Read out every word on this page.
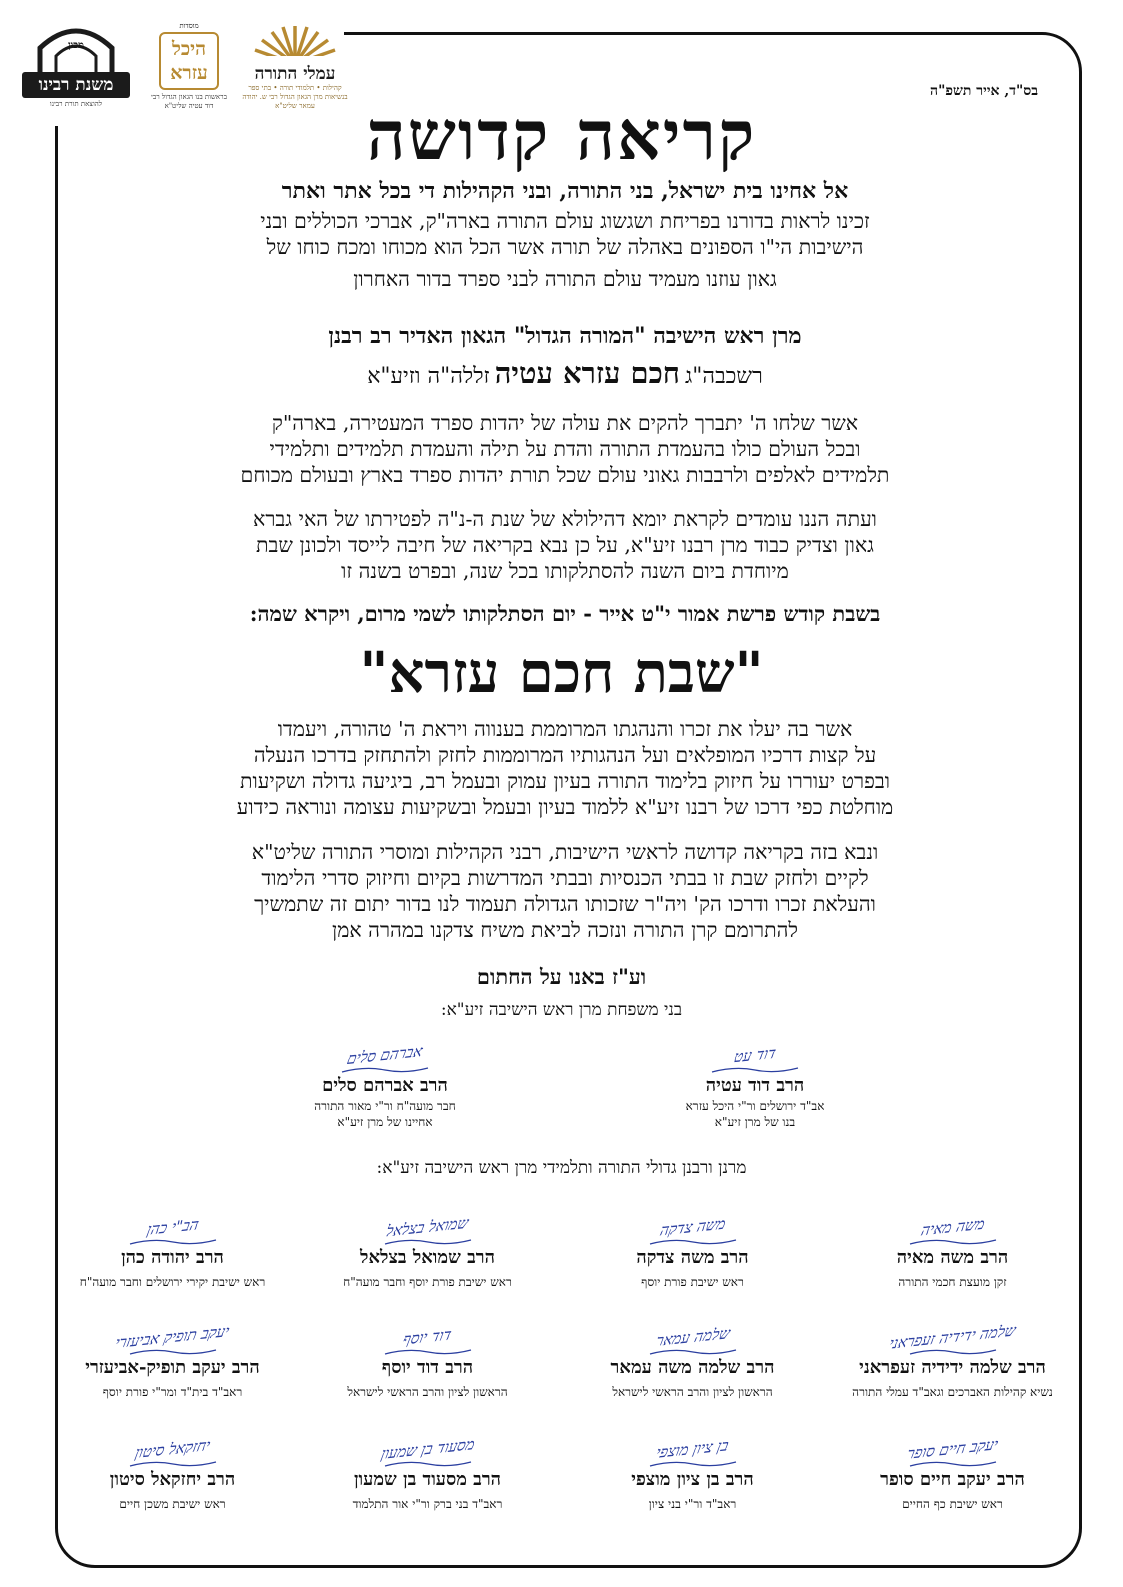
מכון
משנת רבינו
להוצאת תורת רבינו
מוסדות
היכל עזרא
בראשות בנו הגאון הגדול רבי דוד עטיה שליט"א
עמלי התורה
קהילות • תלמודי תורה • בתי ספר
בנשיאות מרן הגאון הגדול רבי ש. יהודה עמאר שליט"א
בס"ד, אייר תשפ"ה
קריאה קדושה
אל אחינו בית ישראל, בני התורה, ובני הקהילות די בכל אתר ואתר
זכינו לראות בדורנו בפריחת ושגשוג עולם התורה בארה"ק, אברכי הכוללים ובני
הישיבות הי"ו הספונים באהלה של תורה אשר הכל הוא מכוחו ומכח כוחו של
גאון עוזנו מעמיד עולם התורה לבני ספרד בדור האחרון
מרן ראש הישיבה "המורה הגדול" הגאון האדיר רב רבנן
רשכבה"ג חכם עזרא עטיה זללה"ה וזיע"א
אשר שלחו ה' יתברך להקים את עולה של יהדות ספרד המעטירה, בארה"ק
ובכל העולם כולו בהעמדת התורה והדת על תילה והעמדת תלמידים ותלמידי
תלמידים לאלפים ולרבבות גאוני עולם שכל תורת יהדות ספרד בארץ ובעולם מכוחם
ועתה הננו עומדים לקראת יומא דהילולא של שנת ה-נ"ה לפטירתו של האי גברא
גאון וצדיק כבוד מרן רבנו זיע"א, על כן נבא בקריאה של חיבה לייסד ולכונן שבת
מיוחדת ביום השנה להסתלקותו בכל שנה, ובפרט בשנה זו
בשבת קודש פרשת אמור י"ט אייר - יום הסתלקותו לשמי מרום, ויקרא שמה:
"שבת חכם עזרא"
אשר בה יעלו את זכרו והנהגתו המרוממת בענווה ויראת ה' טהורה, ויעמדו
על קצות דרכיו המופלאים ועל הנהגותיו המרוממות לחזק ולהתחזק בדרכו הנעלה
ובפרט יעוררו על חיזוק בלימוד התורה בעיון עמוק ובעמל רב, ביגיעה גדולה ושקיעות
מוחלטת כפי דרכו של רבנו זיע"א ללמוד בעיון ובעמל ובשקיעות עצומה ונוראה כידוע
ונבא בזה בקריאה קדושה לראשי הישיבות, רבני הקהילות ומוסרי התורה שליט"א
לקיים ולחזק שבת זו בבתי הכנסיות ובבתי המדרשות בקיום וחיזוק סדרי הלימוד
והעלאת זכרו ודרכו הק' ויה"ר שזכותו הגדולה תעמוד לנו בדור יתום זה שתמשיך
להתרומם קרן התורה ונזכה לביאת משיח צדקנו במהרה אמן
וע"ז באנו על החתום
בני משפחת מרן ראש הישיבה זיע"א:
דוד עט
הרב דוד עטיה
אב"ד ירושלים ור"י היכל עזרא
בנו של מרן זיע"א
אברהם סלים
הרב אברהם סלים
חבר מועה"ח ור"י מאור התורה
אחיינו של מרן זיע"א
מרנן ורבנן גדולי התורה ותלמידי מרן ראש הישיבה זיע"א:
משה מאיה
הרב משה מאיה
זקן מועצת חכמי התורה
משה צדקה
הרב משה צדקה
ראש ישיבת פורת יוסף
שמואל בצלאל
הרב שמואל בצלאל
ראש ישיבת פורת יוסף וחבר מועה"ח
הב"י כהן
הרב יהודה כהן
ראש ישיבת יקירי ירושלים וחבר מועה"ח
שלמה ידידיה זעפראני
הרב שלמה ידידיה זעפראני
נשיא קהילות האברכים וגאב"ד עמלי התורה
שלמה עמאר
הרב שלמה משה עמאר
הראשון לציון והרב הראשי לישראל
דוד יוסף
הרב דוד יוסף
הראשון לציון והרב הראשי לישראל
יעקב תופיק אביעזרי
הרב יעקב תופיק-אביעזרי
ראב"ד בית"ד ומר"י פורת יוסף
יעקב חיים סופר
הרב יעקב חיים סופר
ראש ישיבת כף החיים
בן ציון מוצפי
הרב בן ציון מוצפי
ראב"ד ור"י בני ציון
מסעוד בן שמעון
הרב מסעוד בן שמעון
ראב"ד בני ברק ור"י אור התלמוד
יחזקאל סיטון
הרב יחזקאל סיטון
ראש ישיבת משכן חיים
